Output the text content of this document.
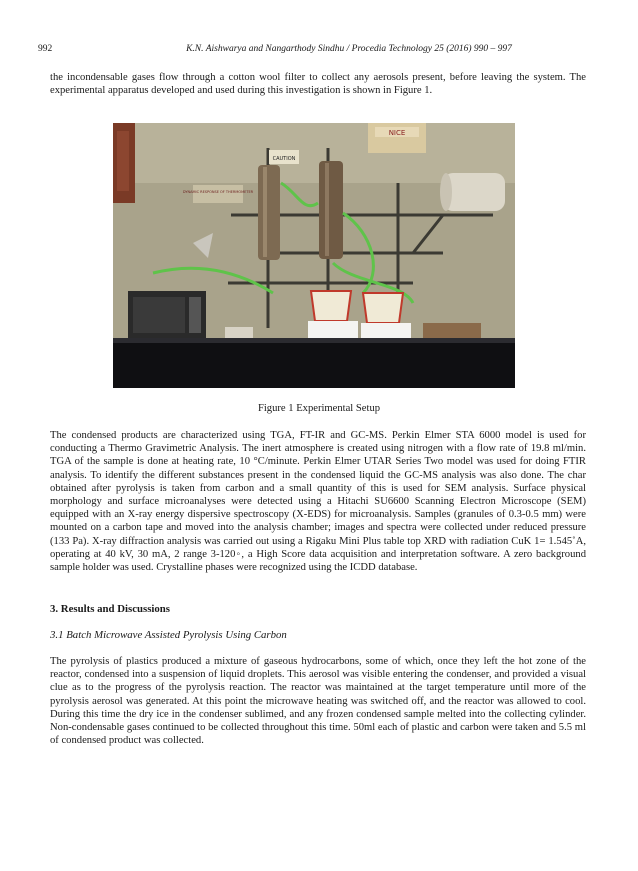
992	K.N. Aishwarya and Nangarthody Sindhu / Procedia Technology 25 (2016) 990 – 997
the incondensable gases flow through a cotton wool filter to collect any aerosols present, before leaving the system. The experimental apparatus developed and used during this investigation is shown in Figure 1.
NICE
DYNAMIC RESPONSE OF THERMOMETER
CAUTION
Figure 1 Experimental Setup
The condensed products are characterized using TGA, FT-IR and GC-MS. Perkin Elmer STA 6000 model is used for conducting a Thermo Gravimetric Analysis. The inert atmosphere is created using nitrogen with a flow rate of 19.8 ml/min. TGA of the sample is done at heating rate, 10 °C/minute. Perkin Elmer UTAR Series Two model was used for doing FTIR analysis. To identify the different substances present in the condensed liquid the GC-MS analysis was also done. The char obtained after pyrolysis is taken from carbon and a small quantity of this is used for SEM analysis. Surface physical morphology and surface microanalyses were detected using a Hitachi SU6600 Scanning Electron Microscope (SEM) equipped with an X-ray energy dispersive spectroscopy (X-EDS) for microanalysis. Samples (granules of 0.3-0.5 mm) were mounted on a carbon tape and moved into the analysis chamber; images and spectra were collected under reduced pressure (133 Pa). X-ray diffraction analysis was carried out using a Rigaku Mini Plus table top XRD with radiation CuK 1= 1.545˚A, operating at 40 kV, 30 mA, 2 range 3-120◦, a High Score data acquisition and interpretation software. A zero background sample holder was used. Crystalline phases were recognized using the ICDD database.
3. Results and Discussions
3.1 Batch Microwave Assisted Pyrolysis Using Carbon
The pyrolysis of plastics produced a mixture of gaseous hydrocarbons, some of which, once they left the hot zone of the reactor, condensed into a suspension of liquid droplets. This aerosol was visible entering the condenser, and provided a visual clue as to the progress of the pyrolysis reaction. The reactor was maintained at the target temperature until more of the pyrolysis aerosol was generated. At this point the microwave heating was switched off, and the reactor was allowed to cool. During this time the dry ice in the condenser sublimed, and any frozen condensed sample melted into the collecting cylinder. Non-condensable gases continued to be collected throughout this time. 50ml each of plastic and carbon were taken and 5.5 ml of condensed product was collected.
